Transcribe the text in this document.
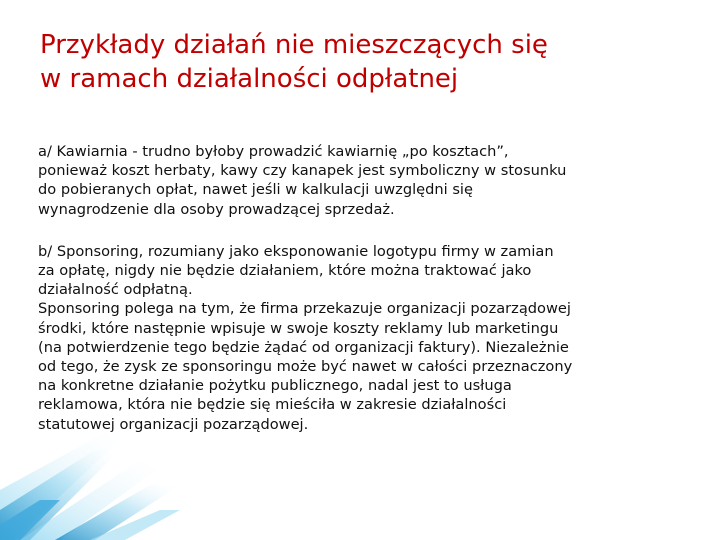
Przykłady działań nie mieszczących się
w ramach działalności odpłatnej
a/ Kawiarnia - trudno byłoby prowadzić kawiarnię „po kosztach”,
ponieważ koszt herbaty, kawy czy kanapek jest symboliczny w stosunku
do pobieranych opłat, nawet jeśli w kalkulacji uwzględni się
wynagrodzenie dla osoby prowadzącej sprzedaż.
b/ Sponsoring, rozumiany jako eksponowanie logotypu firmy w zamian
za opłatę, nigdy nie będzie działaniem, które można traktować jako
działalność odpłatną.
Sponsoring polega na tym, że firma przekazuje organizacji pozarządowej
środki, które następnie wpisuje w swoje koszty reklamy lub marketingu
(na potwierdzenie tego będzie żądać od organizacji faktury). Niezależnie
od tego, że zysk ze sponsoringu może być nawet w całości przeznaczony
na konkretne działanie pożytku publicznego, nadal jest to usługa
reklamowa, która nie będzie się mieściła w zakresie działalności
statutowej organizacji pozarządowej.
